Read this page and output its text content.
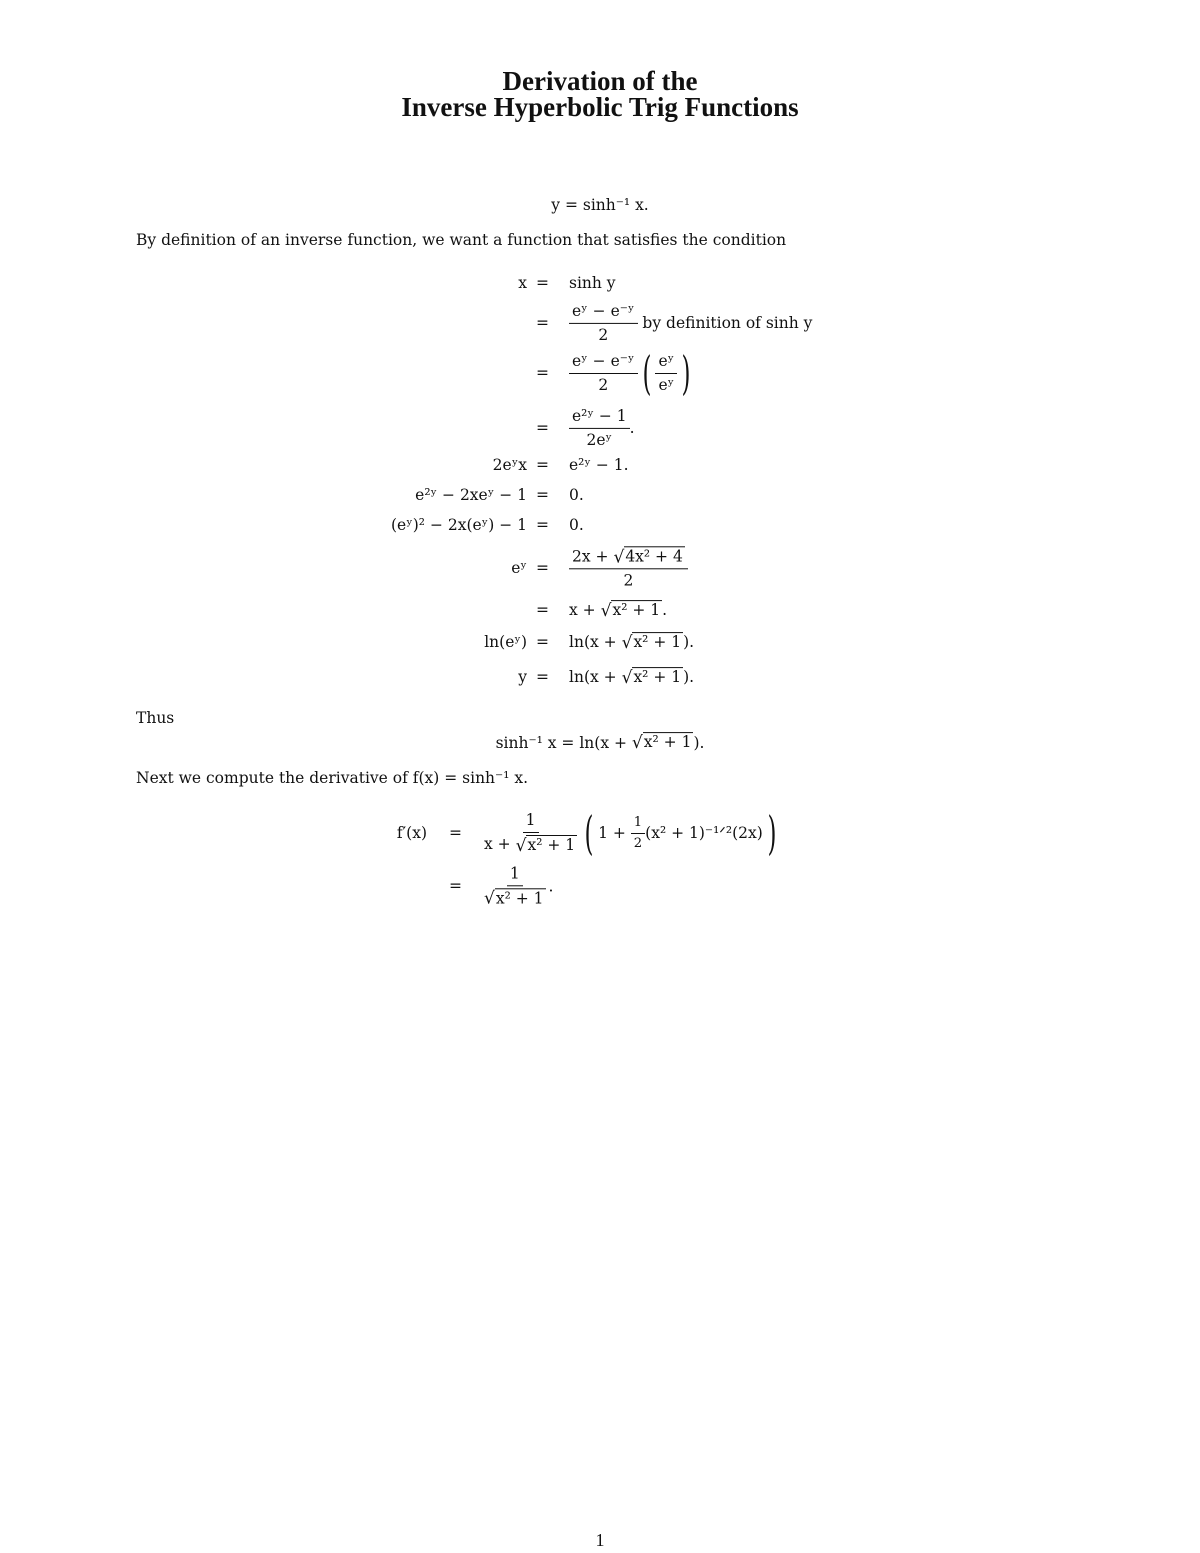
Derivation of the
Inverse Hyperbolic Trig Functions
y = sinh⁻¹ x.
By definition of an inverse function, we want a function that satisfies the condition
x = sinh y
= $\frac{\text{eʸ − e⁻ʸ}}{2}$ by definition of sinh y
= $\frac{\text{eʸ − e⁻ʸ}}{2}$ ( $\frac{\text{eʸ}}{\text{eʸ}}$ )
= $\frac{\text{e²ʸ − 1}}{\text{2eʸ}}$ .
2eʸx = e²ʸ − 1.
e²ʸ − 2xeʸ − 1 = 0.
(eʸ)² − 2x(eʸ) − 1 = 0.
eʸ = $\frac{\text{2x + √ 4x² + 4}}{2}$
= x + √ x² + 1 .
ln(eʸ) = ln(x + √ x² + 1 ).
y = ln(x + √ x² + 1 ).
Thus
sinh⁻¹ x = ln(x + √ x² + 1 ).
Next we compute the derivative of f(x) = sinh⁻¹ x.
$f'(x) = \frac{1}{\text{x + √ x² + 1}}$ ( $1 + \frac{1}{2} (x^2$ + 1)⁻¹ᐟ²(2x) )
= $\frac{1}{\text{√ x² + 1}}$ .
1
